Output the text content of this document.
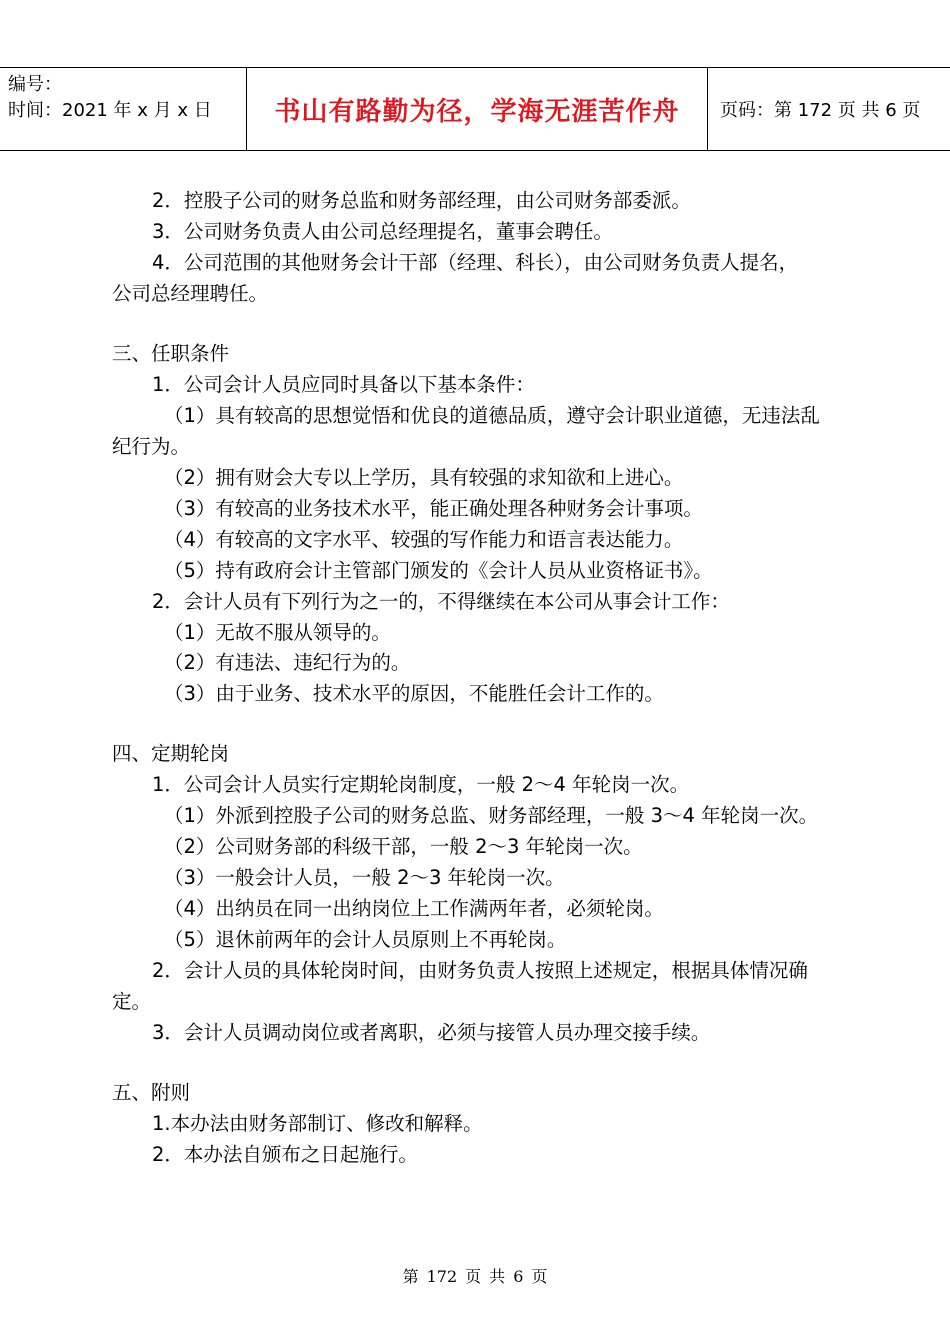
编号：
时间：2021 年 x 月 x 日	书山有路勤为径，学海无涯苦作舟 页码：第 172 页 共 6 页
2．控股子公司的财务总监和财务部经理，由公司财务部委派。
3．公司财务负责人由公司总经理提名，董事会聘任。
4．公司范围的其他财务会计干部（经理、科长），由公司财务负责人提名，
公司总经理聘任。
三、任职条件
1．公司会计人员应同时具备以下基本条件：
（1）具有较高的思想觉悟和优良的道德品质，遵守会计职业道德，无违法乱
纪行为。
（2）拥有财会大专以上学历，具有较强的求知欲和上进心。
（3）有较高的业务技术水平，能正确处理各种财务会计事项。
（4）有较高的文字水平、较强的写作能力和语言表达能力。
（5）持有政府会计主管部门颁发的《会计人员从业资格证书》。
2．会计人员有下列行为之一的，不得继续在本公司从事会计工作：
（1）无故不服从领导的。
（2）有违法、违纪行为的。
（3）由于业务、技术水平的原因，不能胜任会计工作的。
四、定期轮岗
1．公司会计人员实行定期轮岗制度，一般 2～4 年轮岗一次。
（1）外派到控股子公司的财务总监、财务部经理，一般 3～4 年轮岗一次。
（2）公司财务部的科级干部，一般 2～3 年轮岗一次。
（3）一般会计人员，一般 2～3 年轮岗一次。
（4）出纳员在同一出纳岗位上工作满两年者，必须轮岗。
（5）退休前两年的会计人员原则上不再轮岗。
2．会计人员的具体轮岗时间，由财务负责人按照上述规定，根据具体情况确
定。
3．会计人员调动岗位或者离职，必须与接管人员办理交接手续。
五、附则
1.本办法由财务部制订、修改和解释。
2．本办法自颁布之日起施行。
第 172 页 共 6 页
